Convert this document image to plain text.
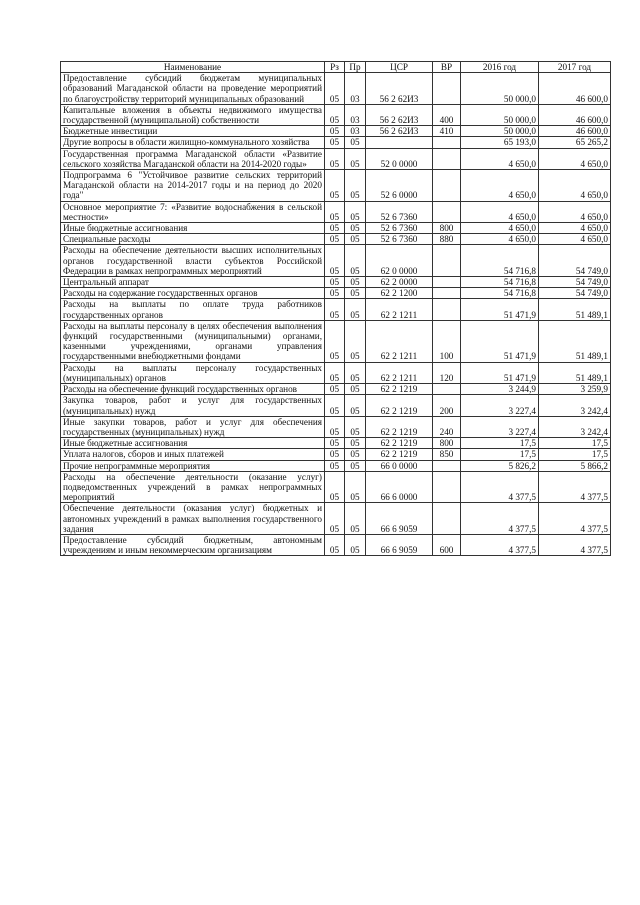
Наименование	Рз	Пр	ЦСР	ВР	2016 год	2017 год
Предоставление субсидий бюджетам муниципальных образований Магаданской области на проведение мероприятий по благоустройству территорий муниципальных образований	05	03	56 2 62И3		50 000,0	46 600,0
Капитальные вложения в объекты недвижимого имущества государственной (муниципальной) собственности	05	03	56 2 62И3	400	50 000,0	46 600,0
Бюджетные инвестиции	05	03	56 2 62И3	410	50 000,0	46 600,0
Другие вопросы в области жилищно-коммунального хозяйства	05	05			65 193,0	65 265,2
Государственная программа Магаданской области «Развитие сельского хозяйства Магаданской области на 2014-2020 годы»	05	05	52 0 0000		4 650,0	4 650,0
Подпрограмма 6 "Устойчивое развитие сельских территорий Магаданской области на 2014-2017 годы и на период до 2020 года"	05	05	52 6 0000		4 650,0	4 650,0
Основное мероприятие 7: «Развитие водоснабжения в сельской местности»	05	05	52 6 7360		4 650,0	4 650,0
Иные бюджетные ассигнования	05	05	52 6 7360	800	4 650,0	4 650,0
Специальные расходы	05	05	52 6 7360	880	4 650,0	4 650,0
Расходы на обеспечение деятельности высших исполнительных органов государственной власти субъектов Российской Федерации в рамках непрограммных мероприятий	05	05	62 0 0000		54 716,8	54 749,0
Центральный аппарат	05	05	62 2 0000		54 716,8	54 749,0
Расходы на содержание государственных органов	05	05	62 2 1200		54 716,8	54 749,0
Расходы на выплаты по оплате труда работников государственных органов	05	05	62 2 1211		51 471,9	51 489,1
Расходы на выплаты персоналу в целях обеспечения выполнения функций государственными (муниципальными) органами, казенными учреждениями, органами управления государственными внебюджетными фондами	05	05	62 2 1211	100	51 471,9	51 489,1
Расходы на выплаты персоналу государственных (муниципальных) органов	05	05	62 2 1211	120	51 471,9	51 489,1
Расходы на обеспечение функций государственных органов	05	05	62 2 1219		3 244,9	3 259,9
Закупка товаров, работ и услуг для государственных (муниципальных) нужд	05	05	62 2 1219	200	3 227,4	3 242,4
Иные закупки товаров, работ и услуг для обеспечения государственных (муниципальных) нужд	05	05	62 2 1219	240	3 227,4	3 242,4
Иные бюджетные ассигнования	05	05	62 2 1219	800	17,5	17,5
Уплата налогов, сборов и иных платежей	05	05	62 2 1219	850	17,5	17,5
Прочие непрограммные мероприятия	05	05	66 0 0000		5 826,2	5 866,2
Расходы на обеспечение деятельности (оказание услуг) подведомственных учреждений в рамках непрограммных мероприятий	05	05	66 6 0000		4 377,5	4 377,5
Обеспечение деятельности (оказания услуг) бюджетных и автономных учреждений в рамках выполнения государственного задания	05	05	66 6 9059		4 377,5	4 377,5
Предоставление субсидий бюджетным, автономным учреждениям и иным некоммерческим организациям	05	05	66 6 9059	600	4 377,5	4 377,5
